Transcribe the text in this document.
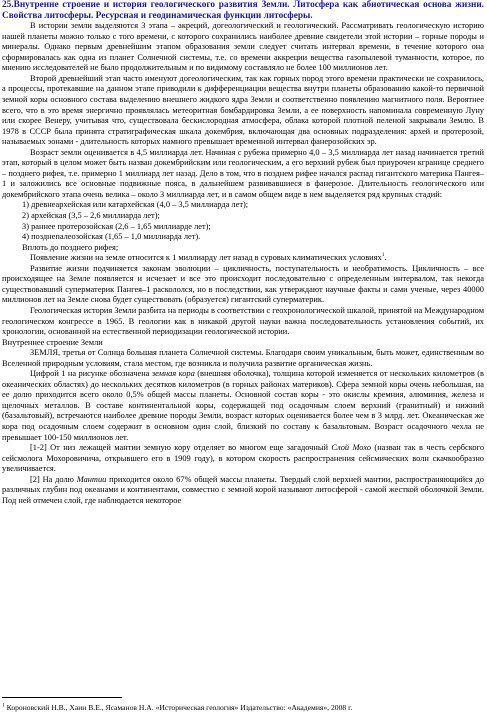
25.Внутренне строение и история геологического развития Земли. Литосфера как абиотическая основа жизни. Свойства литосферы. Ресурсная и геодинамическая функции литосферы.

В истории земли выделяются 3 этапа – акреций, догеологический и геологический. Рассматривать геологическую историю нашей планеты можно только с того времени, с которого сохранились наиболее древние свидетели этой истории – горные породы и минералы. Однако первым древнейшим этапом образования земли следует считать интервал времени, в течение которого она сформировалась как одна из планет Солнечной системы, т.е. со времени аккреции вещества газопылевой туманности, которое, по мнению исследователей не было продолжительным и по видимому составляло не более 100 миллионов лет.

Второй древнейший этап часто именуют догеологическим, так как горных пород этого времени практически не сохранилось, а процессы, протекавшие на данном этапе приводили к дифференциации вещества внутри планеты образованию какой-то первичной земной коры основного состава выделению внешнего жидкого ядра Земли и соответственно появлению магнитного поля. Вероятнее всего, что в это время энергично проявлялась метеоритная бомбардировка Земли, а ее поверхность напоминала современную Луну или скорее Венеру, учитывая что, существовала бескислородная атмосфера, облака которой плотной пеленой закрывали Землю. В 1978 в СССР была принята стратиграфическая шкала докембрия, включающая два основных подразделения: архей и протерозой, называемых эонами - длительность которых намного превышает временной интервал фанерозойских эр.

Возраст земли оценивается в 4,5 миллиарда лет. Начиная с рубежа примерно 4,0 – 3,5 миллиарда лет назад начинается третий этап, который в целом может быть назван докембрийским или геологическим, а его верхний рубеж был приурочен кгранице среднего – позднего рифея, т.е. примерно 1 миллиард лет назад. Дело в том, что в позднем рифее начался распад гигантского материка Пангея–1 и заложились все основные подвижные пояса, в дальнейшем развивавшиеся в фанерозое. Длительность геологического или докембрийского этапа очень велика – около 3 миллиарда лет, и в самом общем виде в нем выделяется ряд крупных стадий:

1) древнеархейская или катархейская (4,0 – 3,5 миллиарда лет);
2) архейская (3,5 – 2,6 миллиарда лет);
3) раннее протерозойская (2,6 – 1,65 миллиарде лет);
4) позднепалеозойская (1,65 – 1,0 миллиарда лет).
Вплоть до позднего рифея;

Появление жизни на земле относится к 1 миллиарду лет назад в суровых климатических условиях$^1$.

Развитие жизни подчиняется законам эволюции – цикличность, поступательность и необратимость. Цикличность – все происходящее на Земле появляется и исчезает и все это происходит последовательно с определенным интервалом, так некогда существовавший суперматерик Пангея–1 раскололся, но в последствии, как утверждают научные факты и сами ученые, через 40000 миллионов лет на Земле снова будет существовать (образуется) гигантский суперматерик.

Геологическая история Земли разбита на периоды в соответствии с геохронологической шкалой, принятой на Международном геологическом конгрессе в 1965. В геологии как в никакой другой науки важна последовательность установления событий, их хронологии, основанной на естественной периодизации геологической истории.

Внутреннее строение Земли

ЗЕМЛЯ, третья от Солнца большая планета Солнечной системы. Благодаря своим уникальным, быть может, единственным во Вселенной природным условиям, стала местом, где возникла и получила развитие органическая жизнь.

Цифрой 1 на рисунке обозначена земная кора (внешняя оболочка), толщина которой изменяется от нескольких километров (в океанических областях) до нескольких десятков километров (в горных районах материков). Сфера земной коры очень небольшая, на ее долю приходится всего около 0,5% общей массы планеты. Основной состав коры - это окислы кремния, алюминия, железа и щелочных металлов. В составе континентальной коры, содержащей под осадочным слоем верхний (гранитный) и нижний (базальтовый), встречаются наиболее древние породы Земли, возраст которых оценивается более чем в 3 млрд. лет. Океаническая же кора под осадочным слоем содержит в основном один слой, близкий по составу к базальтовым. Возраст осадочного чехла не превышает 100-150 миллионов лет.

[1-2] От низ лежащей мантии земную кору отделяет во многом еще загадочный Слой Мохо (назван так в честь сербского сейсмолога Мохоровичича, открывшего его в 1909 году), в котором скорость распространения сейсмических волн скачкообразно увеличивается.

[2] На долю Мантии приходится около 67% общей массы планеты. Твердый слой верхней мантии, распространяющийся до различных глубин под океанами и континентами, совместно с земной корой называют литосферой - самой жесткой оболочкой Земли. Под ней отмечен слой, где наблюдается некоторое

$^1$ Короновский Н.В., Хаин В.Е., Ясаманов Н.А. «Историческая геология» Издательство: «Академия», 2008 г.
